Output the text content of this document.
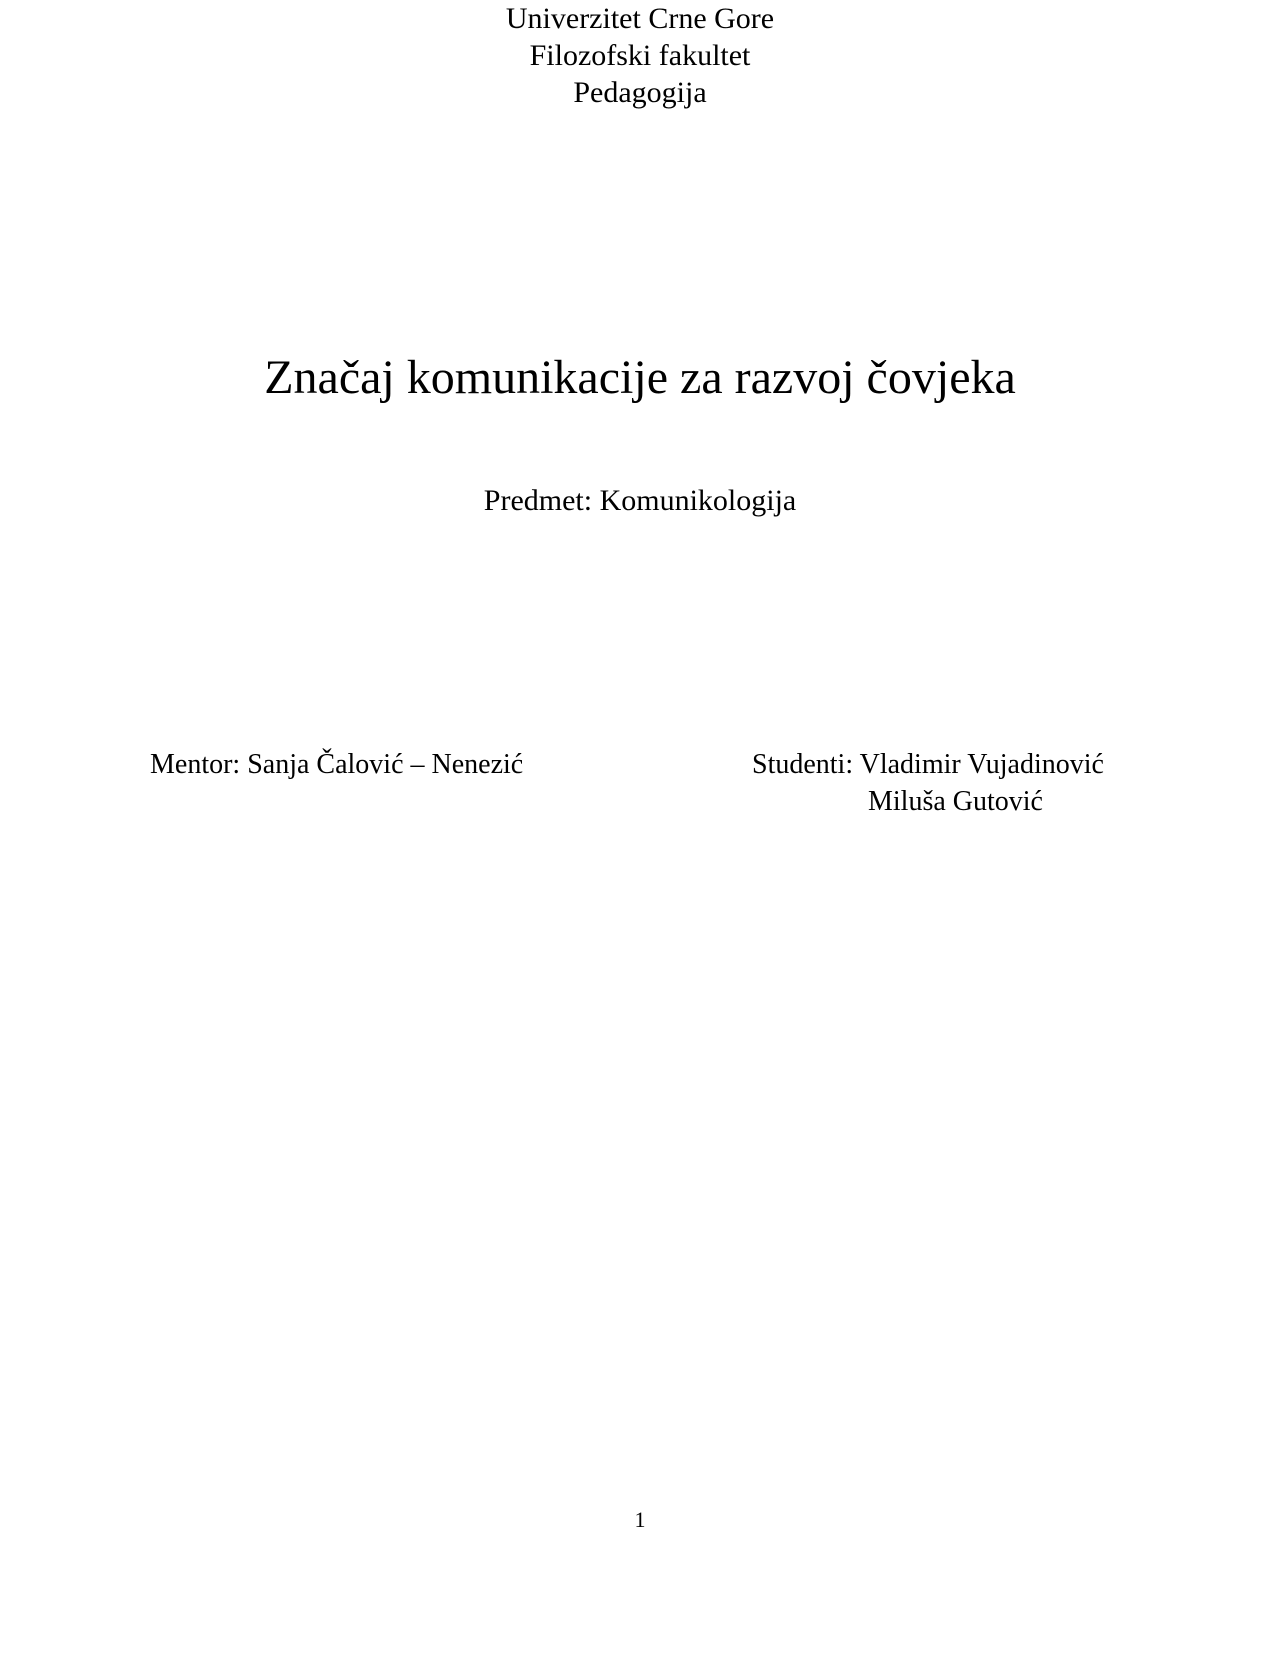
Univerzitet Crne Gore
Filozofski fakultet
Pedagogija
Značaj komunikacije za razvoj čovjeka
Predmet: Komunikologija
Mentor: Sanja Čalović – Nenezić	Studenti: Vladimir Vujadinović
Miluša Gutović
1
